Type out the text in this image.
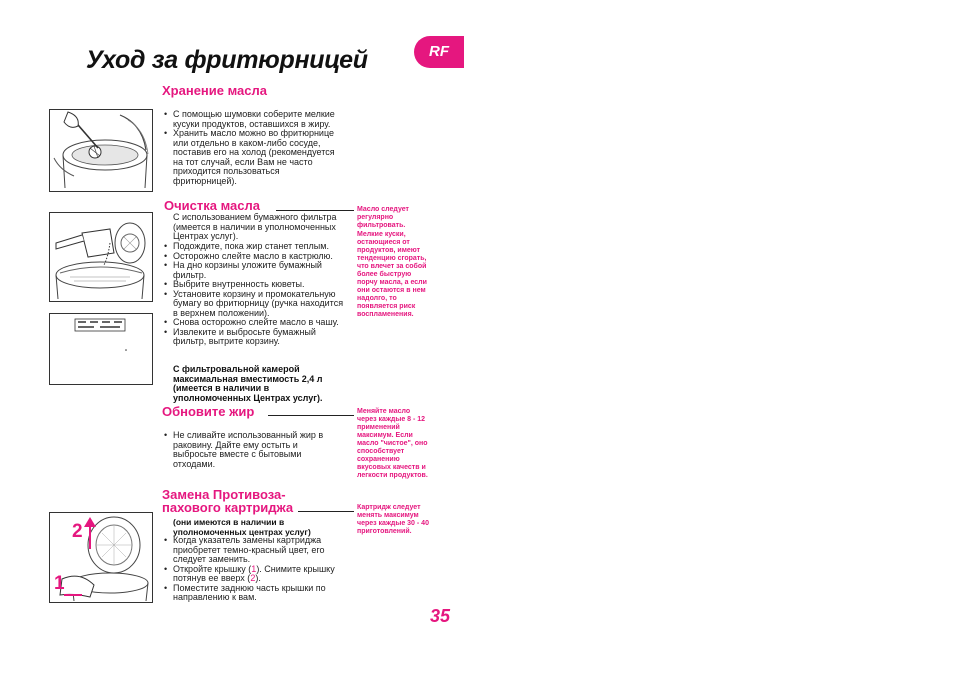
Уход за фритюрницей	RF
2
1
Хранение масла
• С помощью шумовки соберите мелкие кусуки продуктов, оставшихся в жиру.
• Хранить масло можно во фритюрнице или отдельно в каком-либо сосуде, поставив его на холод (рекомендуется на тот случай, если Вам не часто приходится пользоваться фритюрницей).
Очистка масла
С использованием бумажного фильтра (имеется в наличии в уполномоченных Центрах услуг).
• Подождите, пока жир станет теплым.
• Осторожно слейте масло в кастрюлю.
• На дно корзины уложите бумажный фильтр.
• Выбрите внутренность кюветы.
• Установите корзину и промокательную бумагу во фритюрницу (ручка находится в верхнем положении).
• Снова осторожно слейте масло в чашу.
• Извлеките и выбросьте бумажный фильтр, вытрите корзину.
С фильтровальной камерой максимальная вместимость 2,4 л (имеется в наличии в уполномоченных Центрах услуг).
Масло следует регулярно фильтровать.
Мелкие куски, остающиеся от продуктов, имеют тенденцию сгорать, что влечет за собой более быструю порчу масла, а если они остаются в нем надолго, то появляется риск воспламенения.
Обновите жир
• Не сливайте использованный жир в раковину. Дайте ему остыть и выбросьте вместе с бытовыми отходами.
Меняйте масло через каждые 8 - 12 применений максимум. Если масло "чистое", оно способствует сохранению вкусовых качеств и легкости продуктов.
Замена Противоза-
пахового картриджа
(они имеются в наличии в уполномоченных центрах услуг)
• Когда указатель замены картриджа приобретет темно-красный цвет, его следует заменить.
• Откройте крышку (1). Снимите крышку потянув ее вверх (2).
• Поместите заднюю часть крышки по направлению к вам.
Картридж следует менять максимум через каждые 30 - 40 приготовлений.
35
